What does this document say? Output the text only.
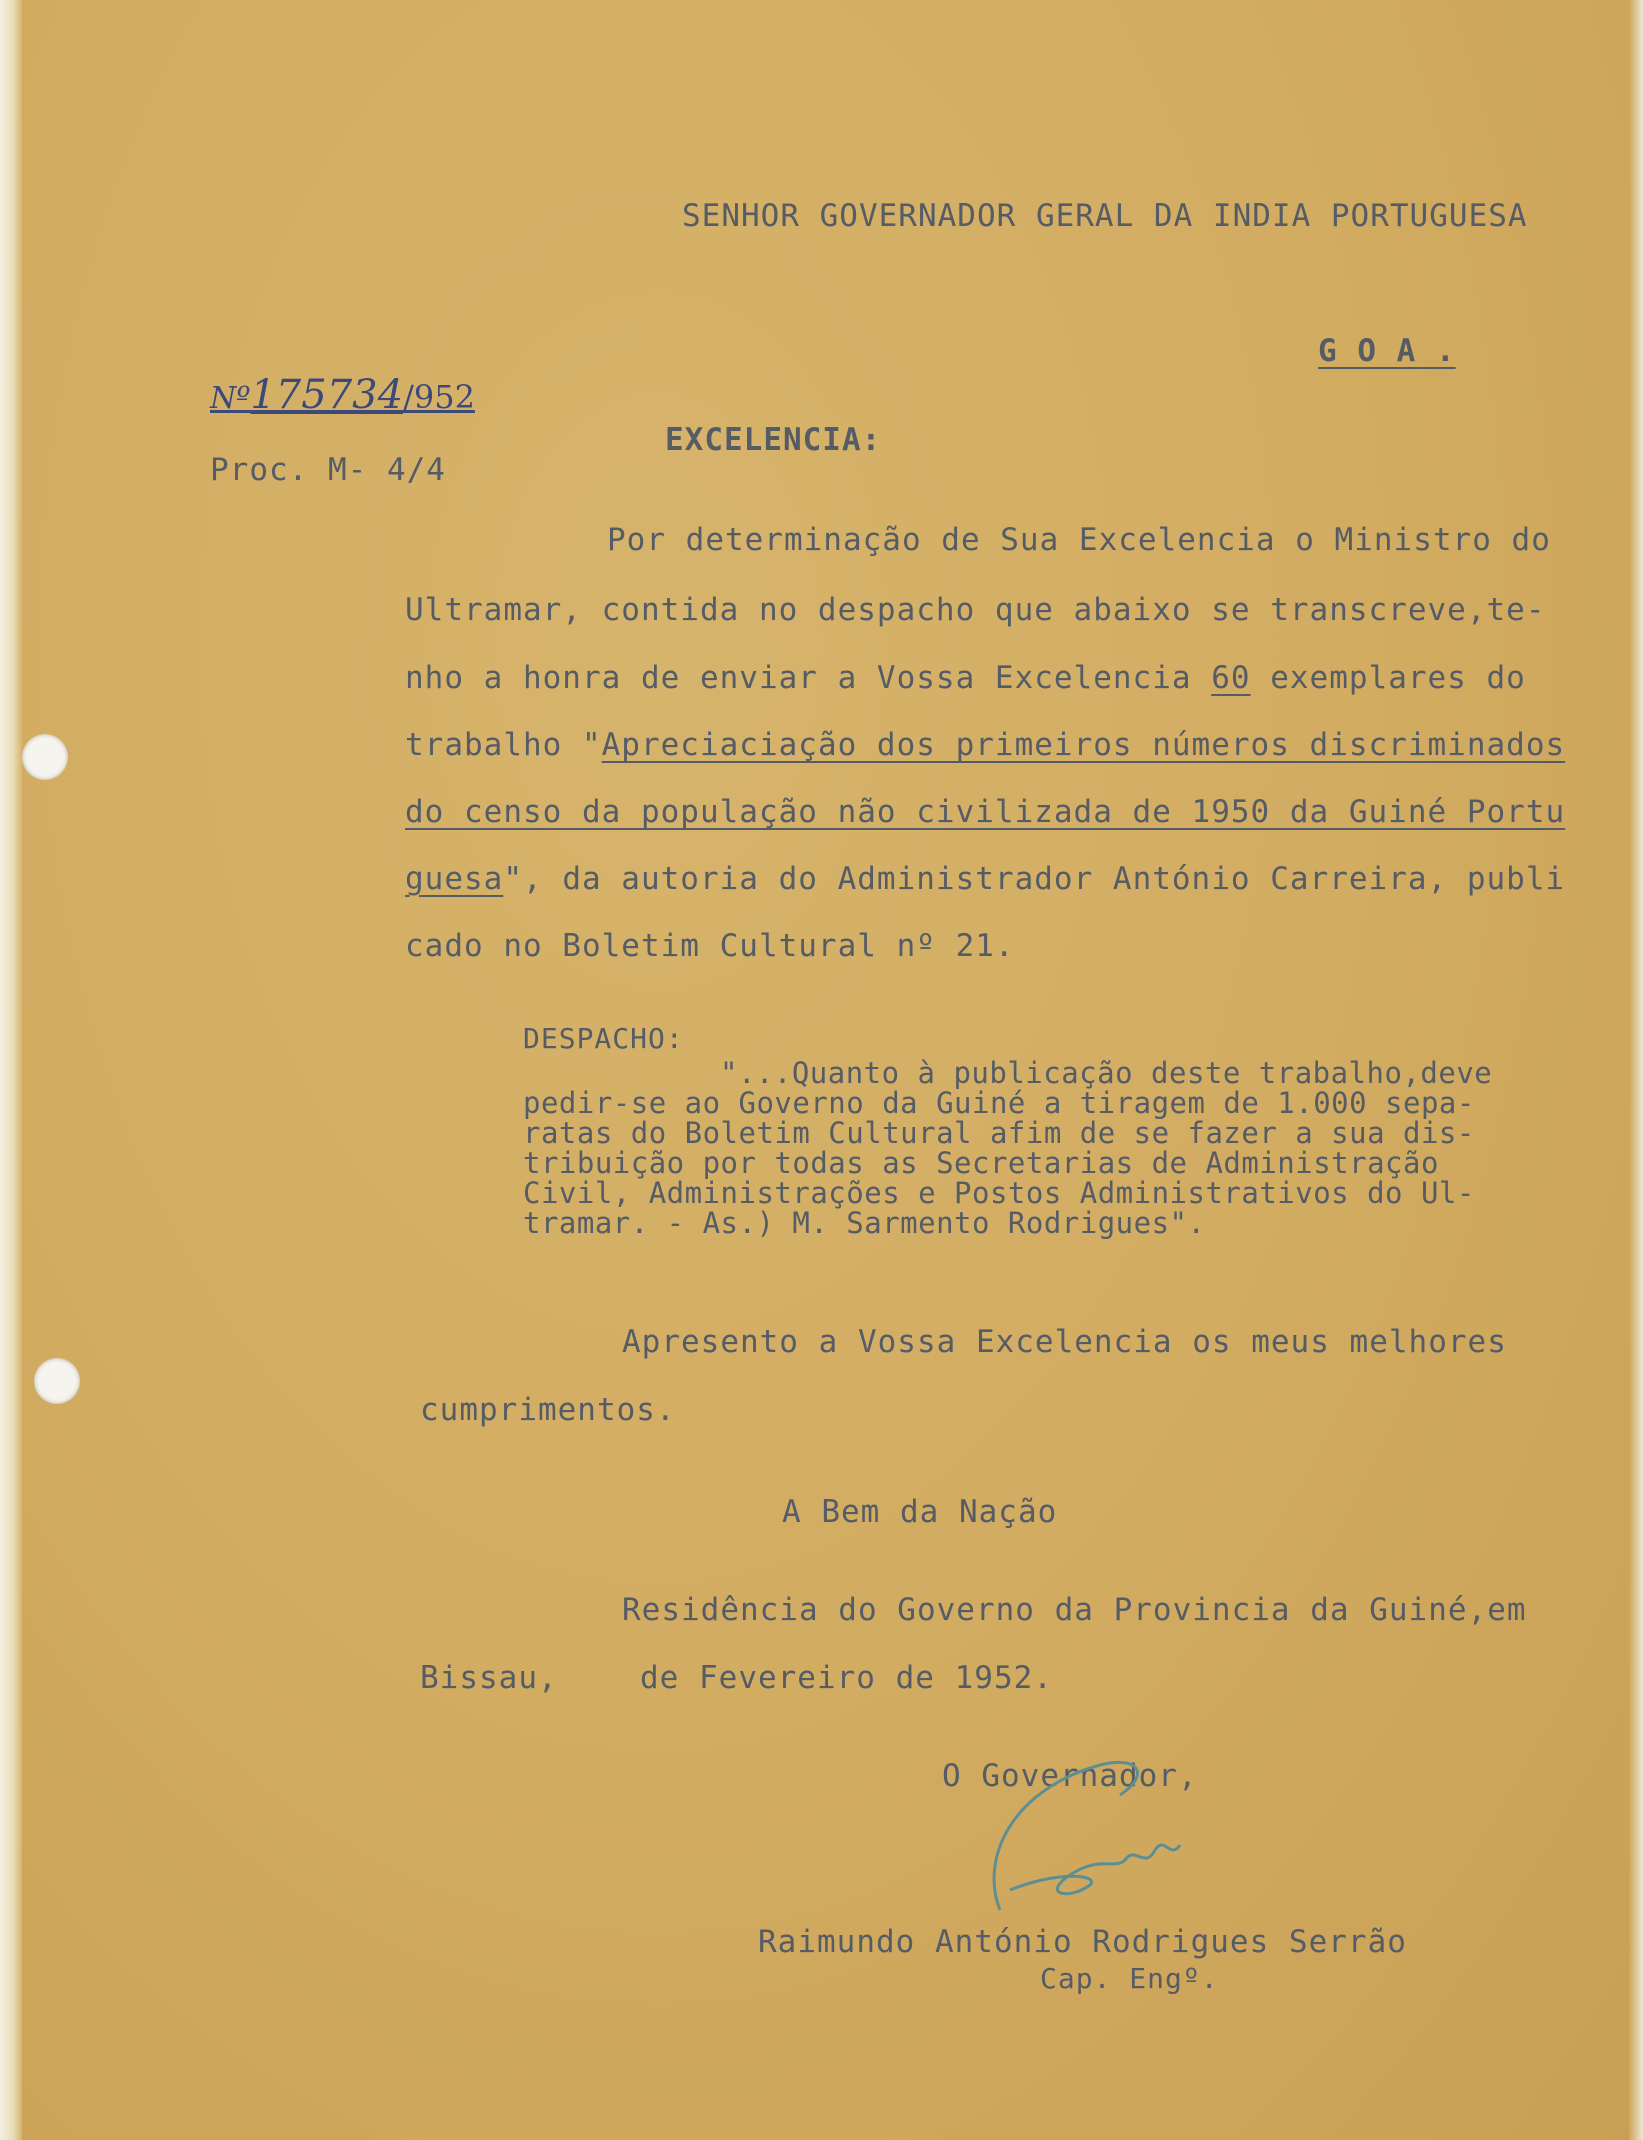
SENHOR GOVERNADOR GERAL DA INDIA PORTUGUESA

G O A .

Nº175734/952

Proc. M- 4/4

EXCELENCIA:

Por determinação de Sua Excelencia o Ministro do

Ultramar, contida no despacho que abaixo se transcreve,te-

nho a honra de enviar a Vossa Excelencia 60 exemplares do

trabalho "Apreciaciação dos primeiros números discriminados

do censo da população não civilizada de 1950 da Guiné Portu

guesa", da autoria do Administrador António Carreira, publi

cado no Boletim Cultural nº 21.

DESPACHO:

"...Quanto à publicação deste trabalho,deve

pedir-se ao Governo da Guiné a tiragem de 1.000 sepa-

ratas do Boletim Cultural afim de se fazer a sua dis-

tribuição por todas as Secretarias de Administração

Civil, Administrações e Postos Administrativos do Ul-

tramar. - As.) M. Sarmento Rodrigues".

Apresento a Vossa Excelencia os meus melhores

cumprimentos.

A Bem da Nação

Residência do Governo da Provincia da Guiné,em

Bissau,	de Fevereiro de 1952.

O Governador,

Raimundo António Rodrigues Serrão

Cap. Engº.
